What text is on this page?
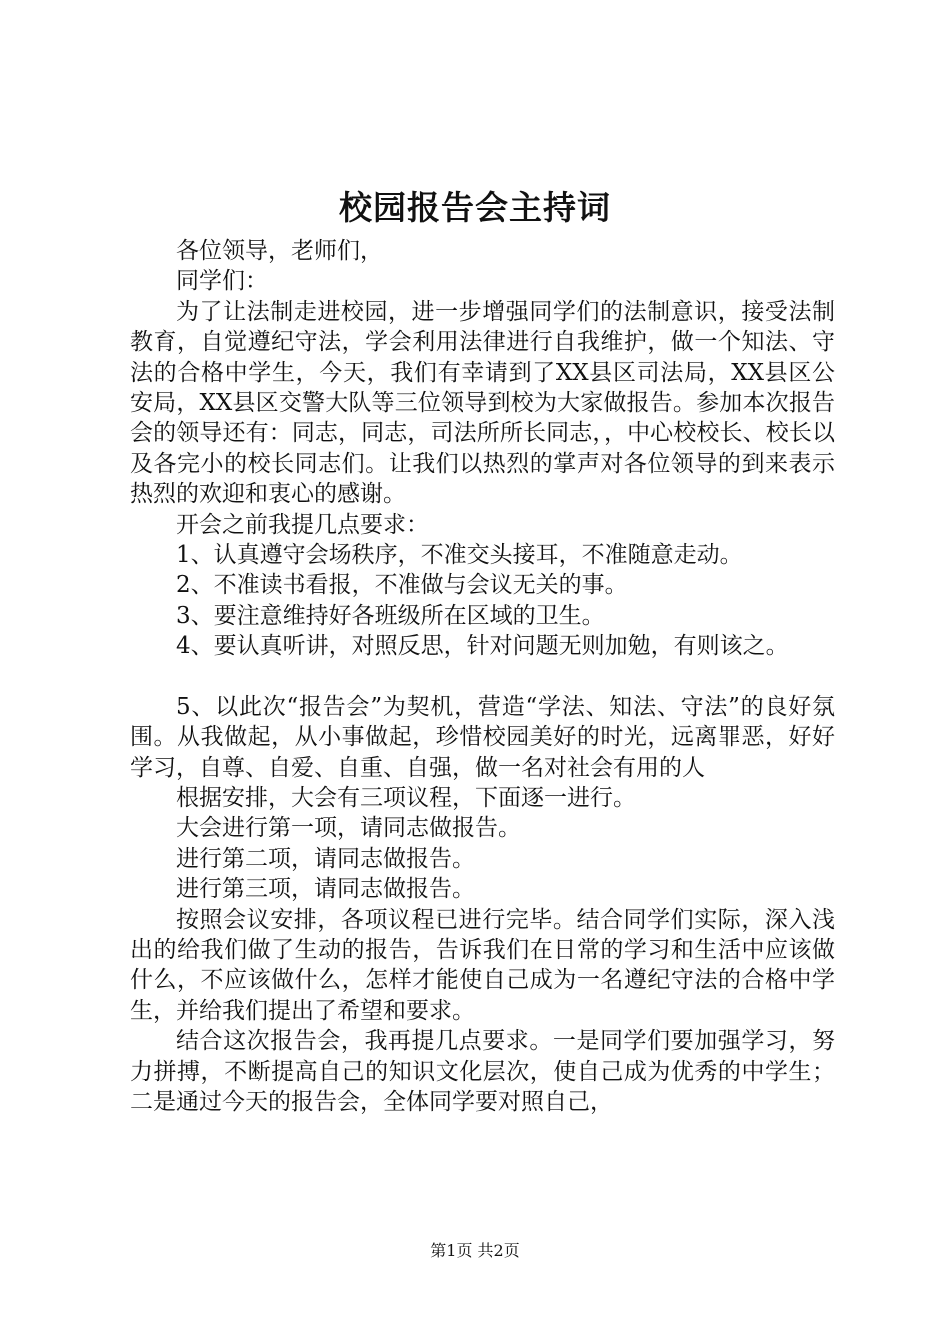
校园报告会主持词

各位领导，老师们，

同学们：

为了让法制走进校园，进一步增强同学们的法制意识，接受法制教育，自觉遵纪守法，学会利用法律进行自我维护，做一个知法、守法的合格中学生，今天，我们有幸请到了XX县区司法局，XX县区公安局，XX县区交警大队等三位领导到校为大家做报告。参加本次报告会的领导还有：同志，同志，司法所所长同志，，中心校校长、校长以及各完小的校长同志们。让我们以热烈的掌声对各位领导的到来表示热烈的欢迎和衷心的感谢。

开会之前我提几点要求：

1、认真遵守会场秩序，不准交头接耳，不准随意走动。

2、不准读书看报，不准做与会议无关的事。

3、要注意维持好各班级所在区域的卫生。

4、要认真听讲，对照反思，针对问题无则加勉，有则该之。

5、以此次“报告会”为契机，营造“学法、知法、守法”的良好氛围。从我做起，从小事做起，珍惜校园美好的时光，远离罪恶，好好学习，自尊、自爱、自重、自强，做一名对社会有用的人

根据安排，大会有三项议程，下面逐一进行。

大会进行第一项，请同志做报告。

进行第二项，请同志做报告。

进行第三项，请同志做报告。

按照会议安排，各项议程已进行完毕。结合同学们实际，深入浅出的给我们做了生动的报告，告诉我们在日常的学习和生活中应该做什么，不应该做什么，怎样才能使自己成为一名遵纪守法的合格中学生，并给我们提出了希望和要求。

结合这次报告会，我再提几点要求。一是同学们要加强学习，努力拼搏，不断提高自己的知识文化层次，使自己成为优秀的中学生；二是通过今天的报告会，全体同学要对照自己，

第1页 共2页
